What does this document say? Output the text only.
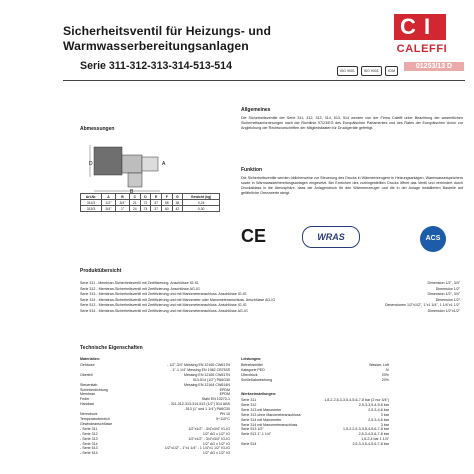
Sicherheitsventil für Heizungs- und
Warmwasserbereitungsanlagen
Serie 311-312-313-314-513-514
C I
CALEFFI
01253/13 D
ISO 9001	ISO 9001	ICIM
Abmessungen
A
B
D
Art.Nr.	A	B	C	D	E	F	G	Gewicht (kg)
311/3	1/2"	3/4"	21	72	37	58	38	0,24
313/3	3/4"	1"	24	74	37	60	42	0,30
Allgemeines
Die Sicherheitsventile der Serie 311, 312, 313, 314, 513, 514 werden von der Firma Caleffi unter Beachtung der wesentlichen Sicherheitsanforderungen nach der Richtlinie 97/23/EG des Europäischen Parlamentes und des Rates der Europäischen Union zur Angleichung der Rechtsvorschriften der Mitgliedstaaten für Druckgeräte gefertigt.
Funktion
Die Sicherheitsventile werden üblicherweise zur Steuerung des Drucks in Wärmeerzeugern in Heizungsanlagen, Warmwasserspeichern sowie in Warmwasserbereitungsanlagen eingesetzt. Bei Erreichen des voreingestellten Drucks öffnet das Ventil und verhindert durch Druckablass in die Atmosphäre, dass der Anlagendruck für den Wärmeerzeuger und die in der Anlage installierten Bauteile auf gefährliche Grenzwerte steigt.
CE	WRAS	ACS
Produktübersicht
Serie 311 - Membran-Sicherheitsventil mit Zertifizierung. Anschlüsse IG-IG	Dimension 1/2", 3/4"
Serie 312 - Membran-Sicherheitsventil mit Zertifizierung. Anschlüsse AG-IG	Dimension 1/2"
Serie 313 - Membran-Sicherheitsventil mit Zertifizierung und mit Manometeranschluss. Anschlüsse IG-IG	Dimension 1/2", 3/4"
Serie 314 - Membran-Sicherheitsventil mit Zertifizierung und mit Manometer oder Manometeranschluss. Anschlüsse AG-IG	Dimension 1/2"
Serie 513 - Membran-Sicherheitsventil mit Zertifizierung und mit Manometeranschluss. Anschlüsse IG-IG	Dimensionen 1/2"x1/2", 1"x1 1/4", 1 1/4"x1 1/2"
Serie 514 - Membran-Sicherheitsventil mit Zertifizierung und mit Manometeranschluss. Anschlüsse AG-IG	Dimension 1/2"x1/2"
Technische Eigenschaften
Materialien:
Gehäuse	- 1/2"-3/4" Messing EN 12165 CW617N
- 1"-1 1/4" Messing EN 1982 CB753S
Oberteil	Messing EN 12165 CW617N
513-514 (1/2") PA6G30
Steuerstab	Messing EN 12164 CW614N
Schieberdichtung	EPDM
Membran	EPDM
Feder	Stahl EN 10270-1
Handrad	- 311-312-313-314-513 (1/2") 514 ABS
- 513 (1" und 1 1/4") PA6G30
Nenndruck	PN 10
Temperaturbereich	5÷110°C
Gewindeanschlüsse
- Serie 311	1/2"x1/2" - 3/4"x3/4" IG-IG
- Serie 312	1/2" AG x 1/2" IG
- Serie 313	1/2"x1/2" - 3/4"x3/4" IG-IG
- Serie 314	1/2" AG x 1/2" IG
- Serie 513	1/2"x1/2" - 1"x1 1/4" - 1 1/4"x1 1/2" IG-IG
- Serie 514	1/2" AG x 1/2" IG
Leistungen:
Betriebsmittel	Wasser, Luft
Kategorie PED	IV
Überdruck	20%
Schließabweichung	20%
Werkseinstellungen:
Serie 311	1,8-2-2,5-3-3,5-4-5-6-7-8 bar (2 nur 3/4")
Serie 312	2,5-3-3,5-4-5-6 bar
Serie 313 mit Manometer	2,5-3-4-6 bar
Serie 313 ohne Manometeranschluss	3 bar
Serie 314 mit Manometer	2,5-3-4-6 bar
Serie 314 mit Manometeranschluss	3 bar
Serie 513 1/2"	1,5-2-2,5-3-3,5-4-5-6-7-8 bar
Serie 513 1"-1 1/4"	2,5-3-4-5-6-7-8 bar
1,5-2-4 bar 1 1/4"
Serie 514	2,5-3-3,5-4-5-6-7-8 bar
